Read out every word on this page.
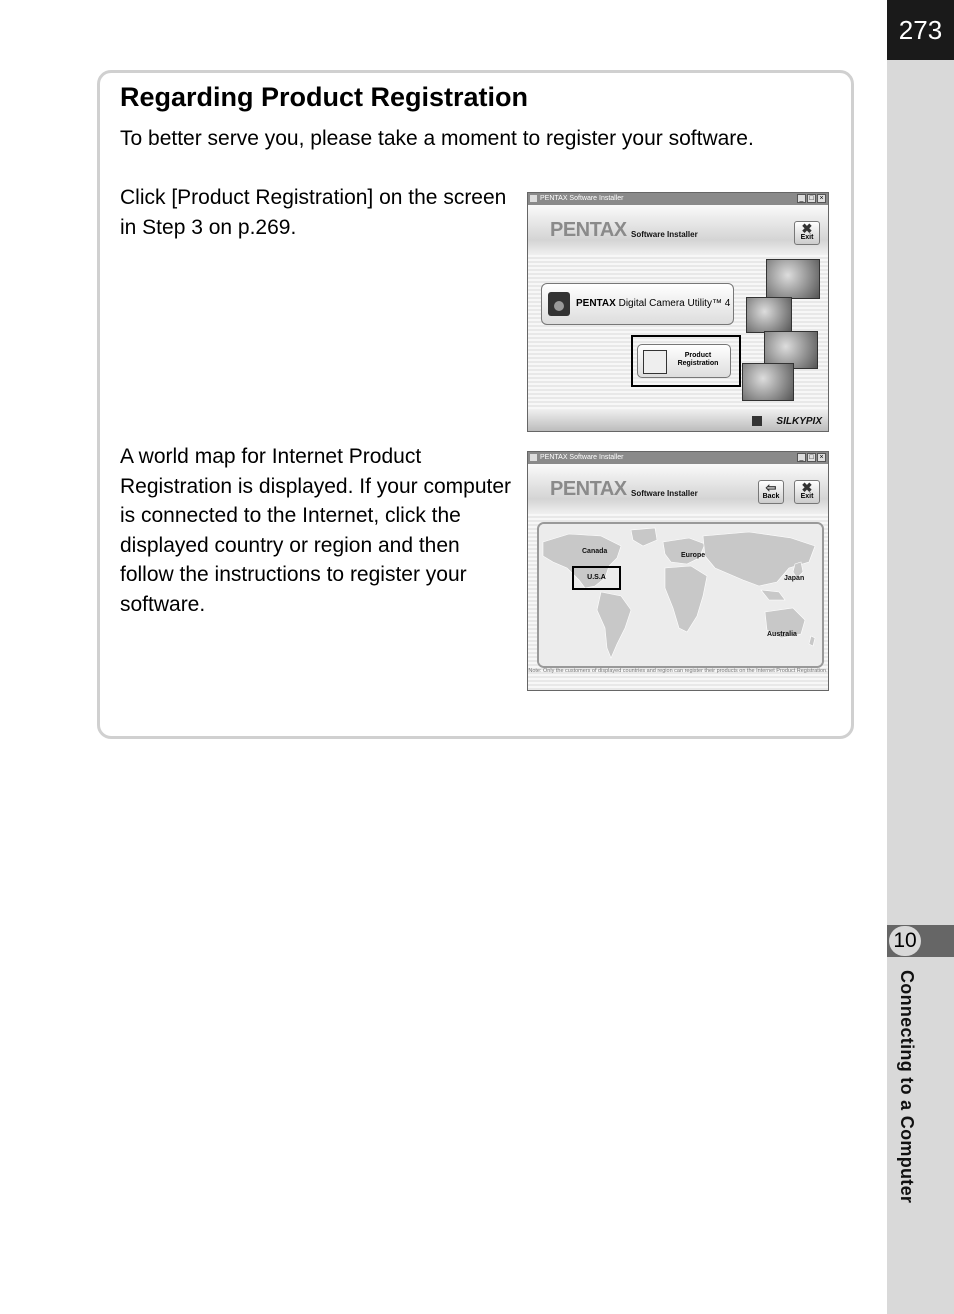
273
10
Connecting to a Computer
Regarding Product Registration

To better serve you, please take a moment to register your software.

Click [Product Registration] on the screen in Step 3 on p.269.

A world map for Internet Product Registration is displayed. If your computer is connected to the Internet, click the displayed country or region and then follow the instructions to register your software.

PENTAX Software Installer	_ □ ×
PENTAX Software Installer	✖
Exit
PENTAX Digital Camera Utility™ 4
Product Registration
SILKYPIX
PENTAX Software Installer	_ □ ×
PENTAX Software Installer	⇦
Back
✖
Exit
Canada
Europe
Japan
Australia
U.S.A
Note: Only the customers of displayed countries and region can register their products on the Internet Product Registration.
